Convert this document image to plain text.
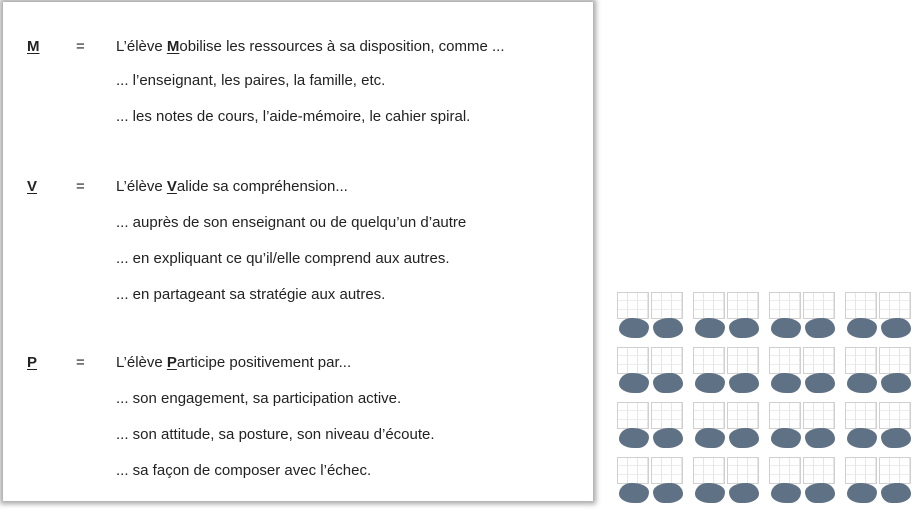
M = L’élève Mobilise les ressources à sa disposition, comme ...
... l’enseignant, les paires, la famille, etc.
... les notes de cours, l’aide-mémoire, le cahier spiral.
V	= L’élève Valide sa compréhension...
... auprès de son enseignant ou de quelqu’un d’autre
... en expliquant ce qu’il/elle comprend aux autres.
... en partageant sa stratégie aux autres.
P	= L’élève Participe positivement par...
... son engagement, sa participation active.
... son attitude, sa posture, son niveau d’écoute.
... sa façon de composer avec l’échec.
